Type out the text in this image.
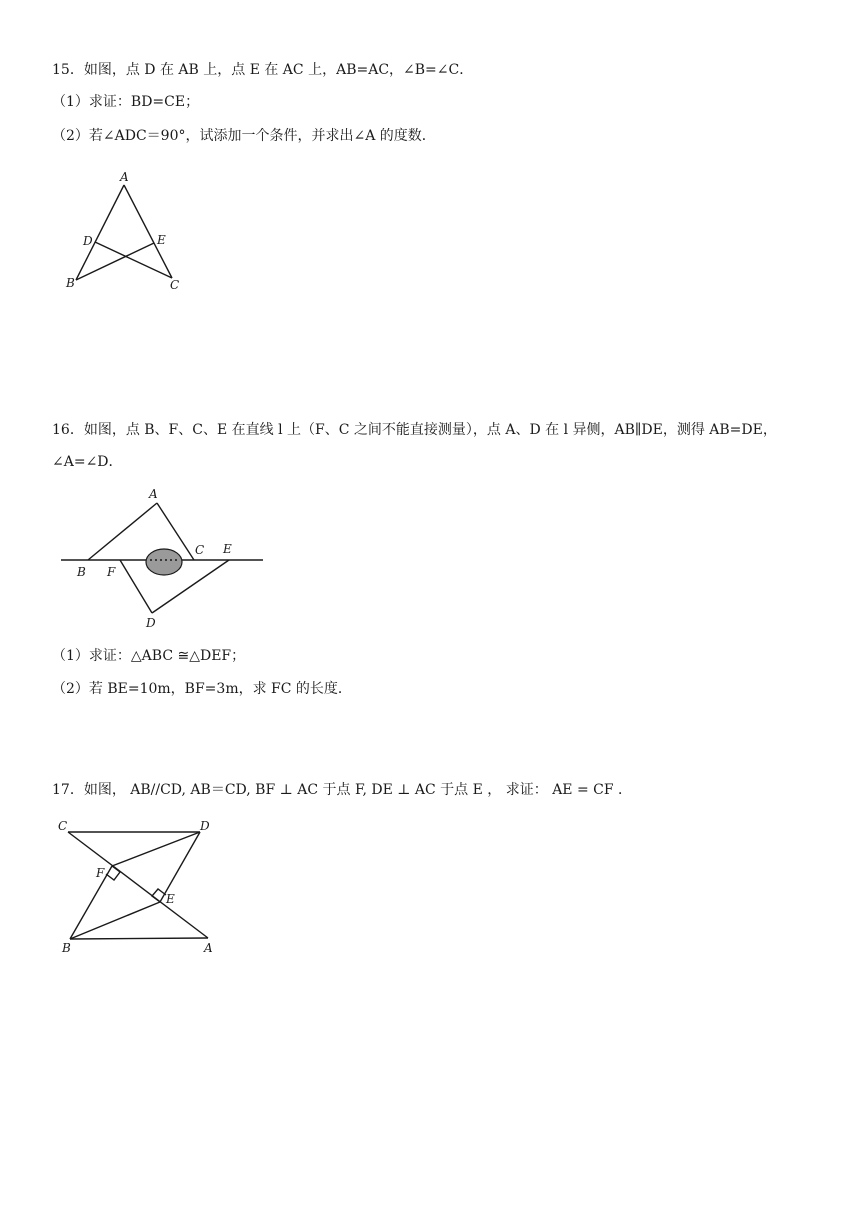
15．如图，点 D 在 AB 上，点 E 在 AC 上，AB=AC，∠B=∠C．
（1）求证：BD=CE；
（2）若∠ADC＝90°，试添加一个条件，并求出∠A 的度数．
A
D	E
B	C
16．如图，点 B、F、C、E 在直线 l 上（F、C 之间不能直接测量），点 A、D 在 l 异侧，AB∥DE，测得 AB=DE，
∠A=∠D．
A
C E
B F
D
（1）求证：△ABC ≅△DEF；
（2）若 BE=10m，BF=3m，求 FC 的长度．
17．如图， AB//CD, AB＝CD, BF ⊥ AC 于点 F, DE ⊥ AC 于点 E ， 求证： AE = CF ．
C	D
F
E
B	A
